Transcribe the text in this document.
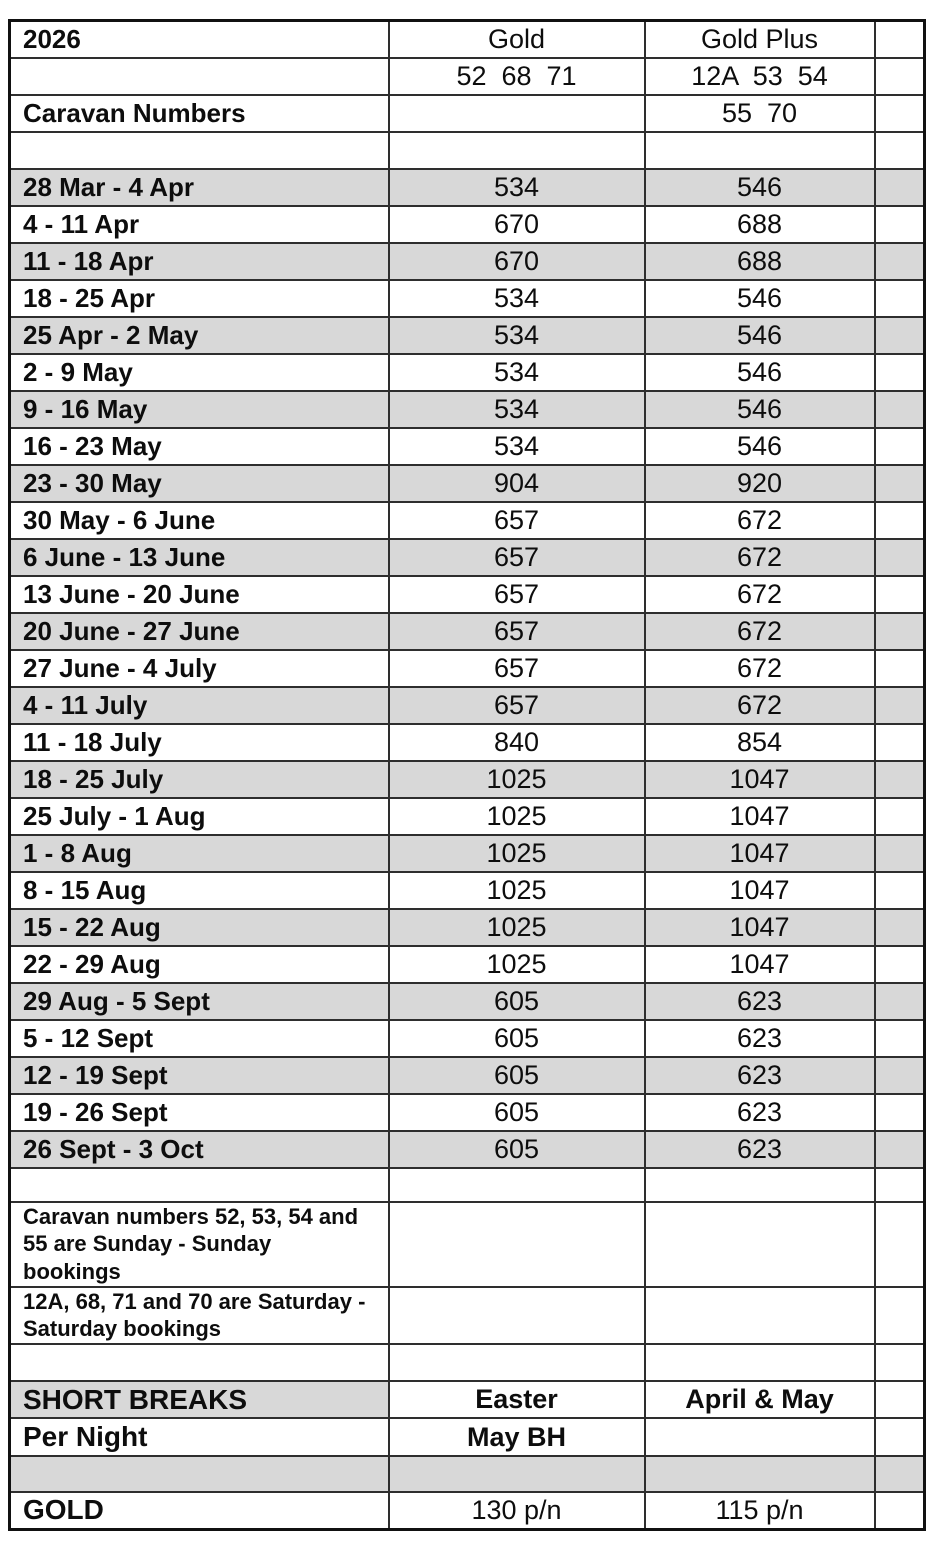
2026	Gold	Gold Plus	
	52  68  71	12A  53  54	
Caravan Numbers		55  70	

28 Mar - 4 Apr	534	546	
4 - 11 Apr	670	688	
11 - 18 Apr	670	688	
18 - 25 Apr	534	546	
25 Apr - 2 May	534	546	
2 - 9 May	534	546	
9 - 16 May	534	546	
16 - 23 May	534	546	
23 - 30 May	904	920	
30 May - 6 June	657	672	
6 June - 13 June	657	672	
13 June - 20 June	657	672	
20 June - 27 June	657	672	
27 June - 4 July	657	672	
4 - 11 July	657	672	
11 - 18 July	840	854	
18 - 25 July	1025	1047	
25 July - 1 Aug	1025	1047	
1 - 8 Aug	1025	1047	
8 - 15 Aug	1025	1047	
15 - 22 Aug	1025	1047	
22 - 29 Aug	1025	1047	
29 Aug - 5 Sept	605	623	
5 - 12 Sept	605	623	
12 - 19 Sept	605	623	
19 - 26 Sept	605	623	
26 Sept - 3 Oct	605	623	

Caravan numbers 52, 53, 54 and 55 are Sunday - Sunday bookings			
12A, 68, 71 and 70 are Saturday - Saturday bookings			

SHORT BREAKS	Easter	April & May	
Per Night	May BH		

GOLD	130 p/n	115 p/n	
